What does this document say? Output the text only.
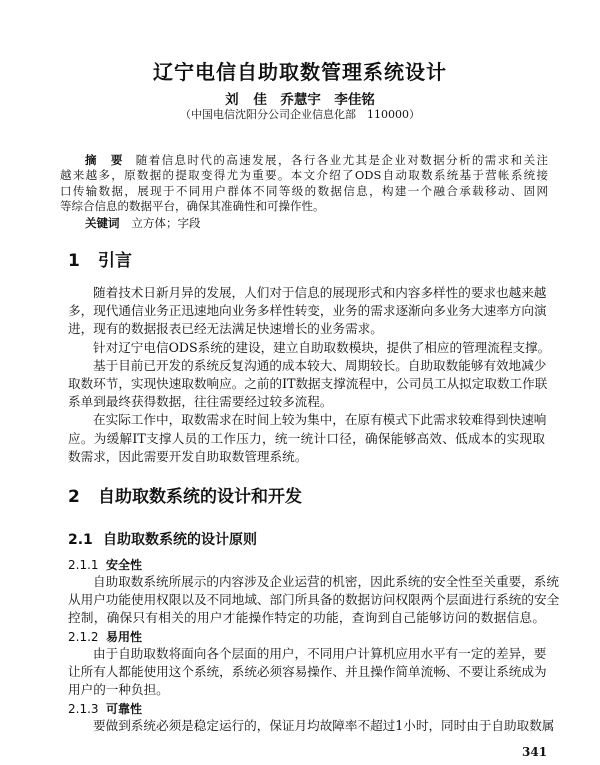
辽宁电信自助取数管理系统设计
刘 佳　乔慧宇　李佳铭
（中国电信沈阳分公司企业信息化部　110000）
摘　要 随着信息时代的高速发展，各行各业尤其是企业对数据分析的需求和关注
越来越多，原数据的提取变得尤为重要。本文介绍了ODS自动取数系统基于营帐系统接
口传输数据，展现于不同用户群体不同等级的数据信息，构建一个融合承载移动、固网
等综合信息的数据平台，确保其准确性和可操作性。
关键词 立方体；字段
1 引言
随着技术日新月异的发展，人们对于信息的展现形式和内容多样性的要求也越来越
多，现代通信业务正迅速地向业务多样性转变，业务的需求逐渐向多业务大速率方向演
进，现有的数据报表已经无法满足快速增长的业务需求。
针对辽宁电信ODS系统的建设，建立自助取数模块，提供了相应的管理流程支撑。
基于目前已开发的系统反复沟通的成本较大、周期较长。自助取数能够有效地减少
取数环节，实现快速取数响应。之前的IT数据支撑流程中，公司员工从拟定取数工作联
系单到最终获得数据，往往需要经过较多流程。
在实际工作中，取数需求在时间上较为集中，在原有模式下此需求较难得到快速响
应。为缓解IT支撑人员的工作压力，统一统计口径，确保能够高效、低成本的实现取
数需求，因此需要开发自助取数管理系统。
2 自助取数系统的设计和开发
2.1 自助取数系统的设计原则
2.1.1 安全性
自助取数系统所展示的内容涉及企业运营的机密，因此系统的安全性至关重要，系统
从用户功能使用权限以及不同地域、部门所具备的数据访问权限两个层面进行系统的安全
控制，确保只有相关的用户才能操作特定的功能，查询到自己能够访问的数据信息。
2.1.2 易用性
由于自助取数将面向各个层面的用户，不同用户计算机应用水平有一定的差异，要
让所有人都能使用这个系统，系统必须容易操作、并且操作简单流畅、不要让系统成为
用户的一种负担。
2.1.3 可靠性
要做到系统必须是稳定运行的，保证月均故障率不超过1小时，同时由于自助取数属
341
